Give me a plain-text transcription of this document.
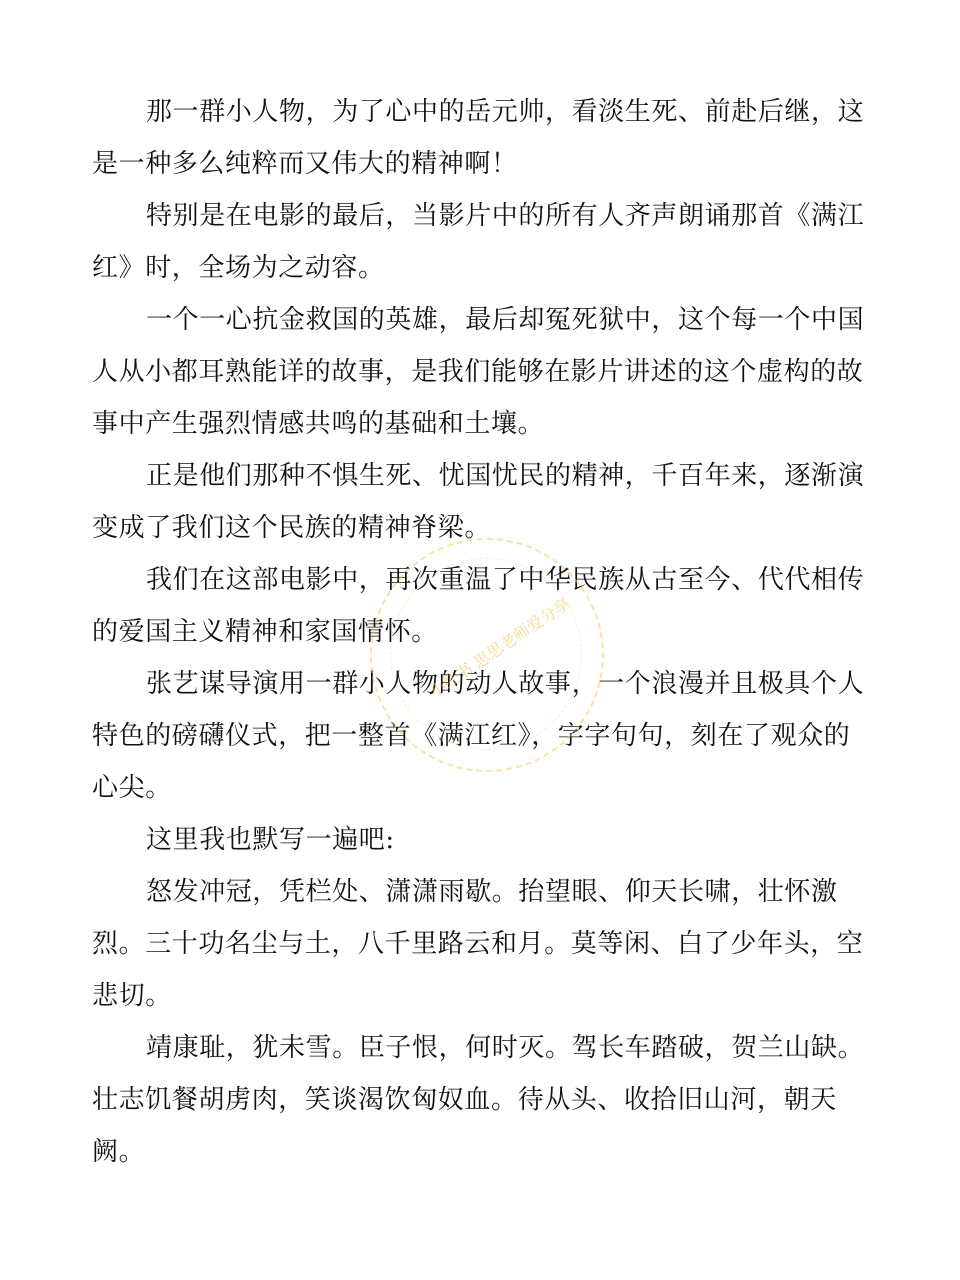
那一群小人物，为了心中的岳元帅，看淡生死、前赴后继，这是一种多么纯粹而又伟大的精神啊！

特别是在电影的最后，当影片中的所有人齐声朗诵那首《满江红》时，全场为之动容。

一个一心抗金救国的英雄，最后却冤死狱中，这个每一个中国人从小都耳熟能详的故事，是我们能够在影片讲述的这个虚构的故事中产生强烈情感共鸣的基础和土壤。

正是他们那种不惧生死、忧国忧民的精神，千百年来，逐渐演变成了我们这个民族的精神脊梁。

我们在这部电影中，再次重温了中华民族从古至今、代代相传的爱国主义精神和家国情怀。

张艺谋导演用一群小人物的动人故事，一个浪漫并且极具个人特色的磅礴仪式，把一整首《满江红》，字字句句，刻在了观众的心尖。

这里我也默写一遍吧:

怒发冲冠，凭栏处、潇潇雨歇。抬望眼、仰天长啸，壮怀激烈。三十功名尘与土，八千里路云和月。莫等闲、白了少年头，空悲切。

靖康耻，犹未雪。臣子恨，何时灭。驾长车踏破，贺兰山缺。壮志饥餐胡虏肉，笑谈渴饮匈奴血。待从头、收拾旧山河，朝天阙。

小红书 思思老师爱分享
